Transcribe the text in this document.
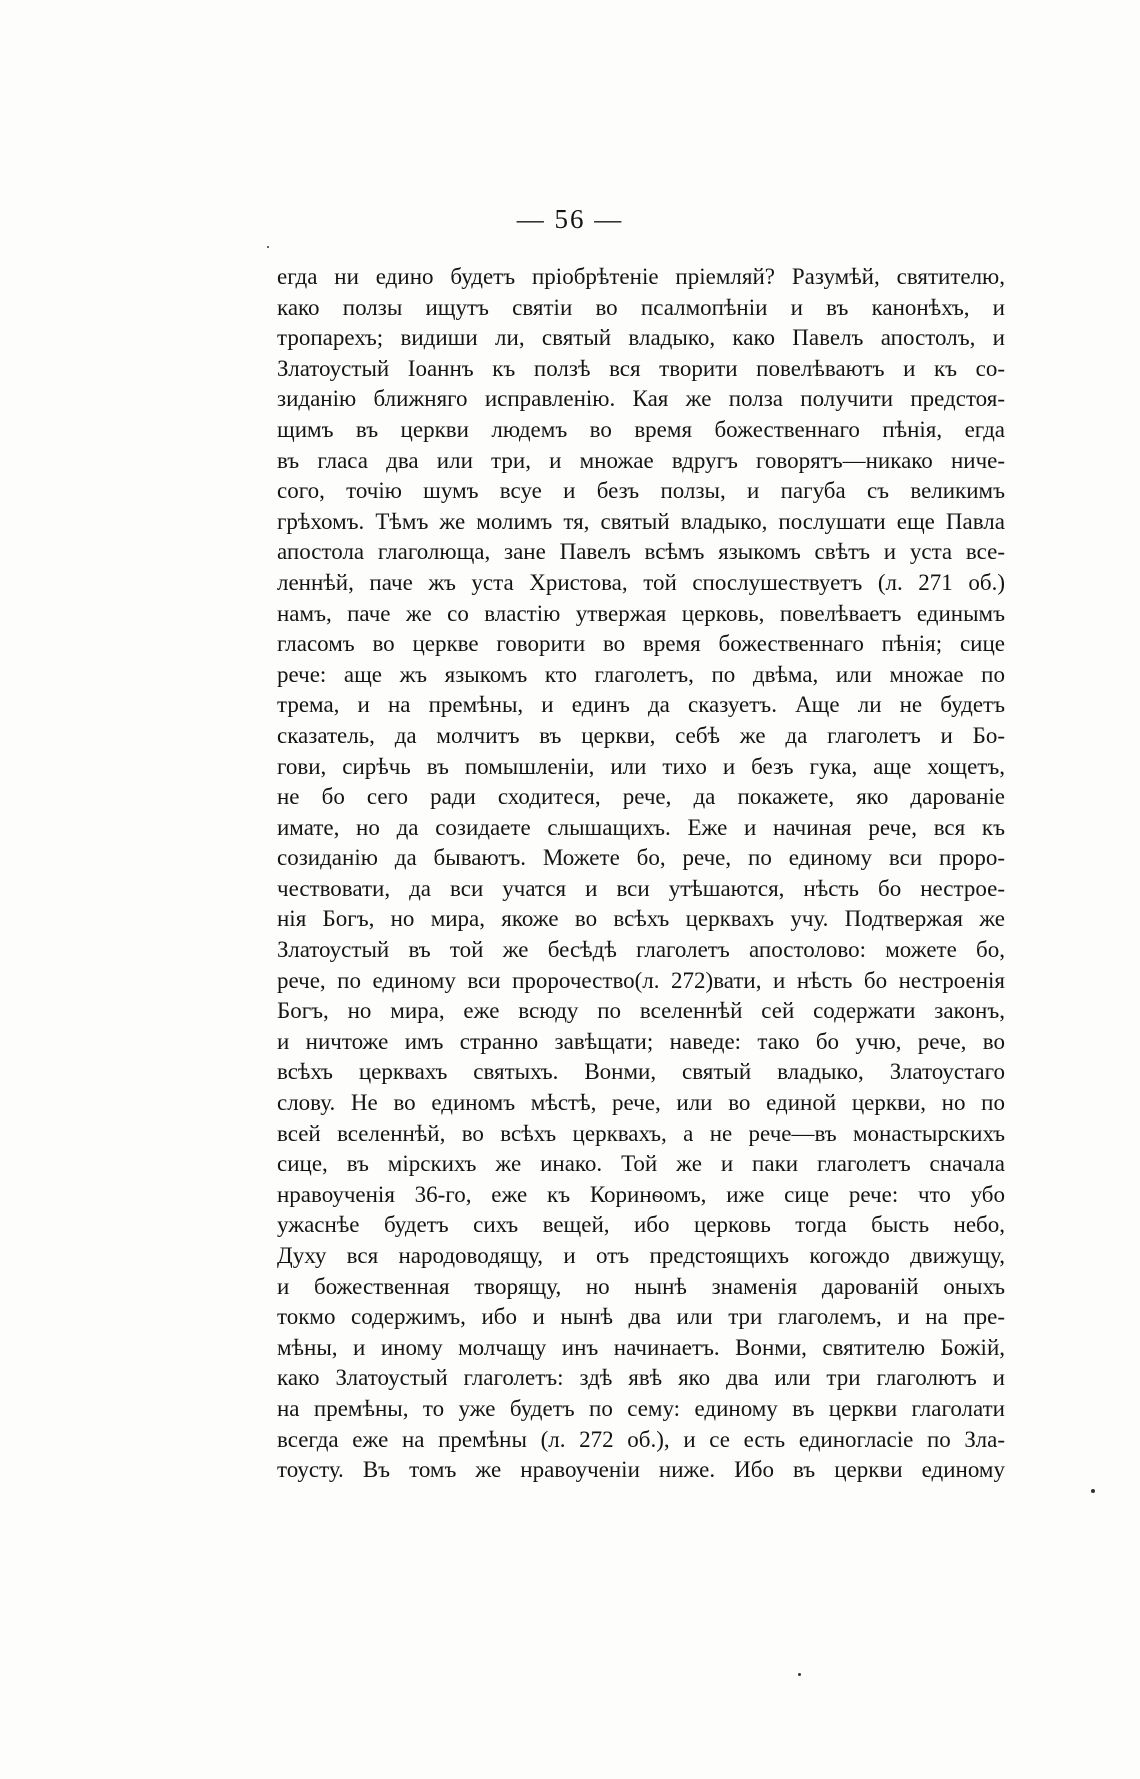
— 56 —
егда ни едино будетъ пріобрѣтеніе пріемляй? Разумѣй, святителю,
како ползы ищутъ святіи во псалмопѣніи и въ канонѣхъ, и
тропарехъ; видиши ли, святый владыко, како Павелъ апостолъ, и
Златоустый Іоаннъ къ ползѣ вся творити повелѣваютъ и къ со-
зиданію ближняго исправленію. Кая же полза получити предстоя-
щимъ въ церкви людемъ во время божественнаго пѣнія, егда
въ гласа два или три, и множае вдругъ говорятъ—никако ниче-
сого, точію шумъ всуе и безъ ползы, и пагуба съ великимъ
грѣхомъ. Тѣмъ же молимъ тя, святый владыко, послушати еще Павла
апостола глаголюща, зане Павелъ всѣмъ языкомъ свѣтъ и уста все-
леннѣй, паче жъ уста Христова, той спослушествуетъ (л. 271 об.)
намъ, паче же со властію утвержая церковь, повелѣваетъ единымъ
гласомъ во церкве говорити во время божественнаго пѣнія; сице
рече: аще жъ языкомъ кто глаголетъ, по двѣма, или множае по
трема, и на премѣны, и единъ да сказуетъ. Аще ли не будетъ
сказатель, да молчитъ въ церкви, себѣ же да глаголетъ и Бо-
гови, сирѣчь въ помышленіи, или тихо и безъ гука, аще хощетъ,
не бо сего ради сходитеся, рече, да покажете, яко дарованіе
имате, но да созидаете слышащихъ. Еже и начиная рече, вся къ
созиданію да бываютъ. Можете бо, рече, по единому вси проро-
чествовати, да вси учатся и вси утѣшаются, нѣсть бо нестрое-
нія Богъ, но мира, якоже во всѣхъ церквахъ учу. Подтвержая же
Златоустый въ той же бесѣдѣ глаголетъ апостолово: можете бо,
рече, по единому вси пророчество(л. 272)вати, и нѣсть бо нестроенія
Богъ, но мира, еже всюду по вселеннѣй сей содержати законъ,
и ничтоже имъ странно завѣщати; наведе: тако бо учю, рече, во
всѣхъ церквахъ святыхъ. Вонми, святый владыко, Златоустаго
слову. Не во единомъ мѣстѣ, рече, или во единой церкви, но по
всей вселеннѣй, во всѣхъ церквахъ, а не рече—въ монастырскихъ
сице, въ мірскихъ же инако. Той же и паки глаголетъ сначала
нравоученія 36-го, еже къ Коринѳомъ, иже сице рече: что убо
ужаснѣе будетъ сихъ вещей, ибо церковь тогда бысть небо,
Духу вся народоводящу, и отъ предстоящихъ когождо движущу,
и божественная творящу, но нынѣ знаменія дарованій оныхъ
токмо содержимъ, ибо и нынѣ два или три глаголемъ, и на пре-
мѣны, и иному молчащу инъ начинаетъ. Вонми, святителю Божій,
како Златоустый глаголетъ: здѣ явѣ яко два или три глаголютъ и
на премѣны, то уже будетъ по сему: единому въ церкви глаголати
всегда еже на премѣны (л. 272 об.), и се есть единогласіе по Зла-
тоусту. Въ томъ же нравоученіи ниже. Ибо въ церкви единому
